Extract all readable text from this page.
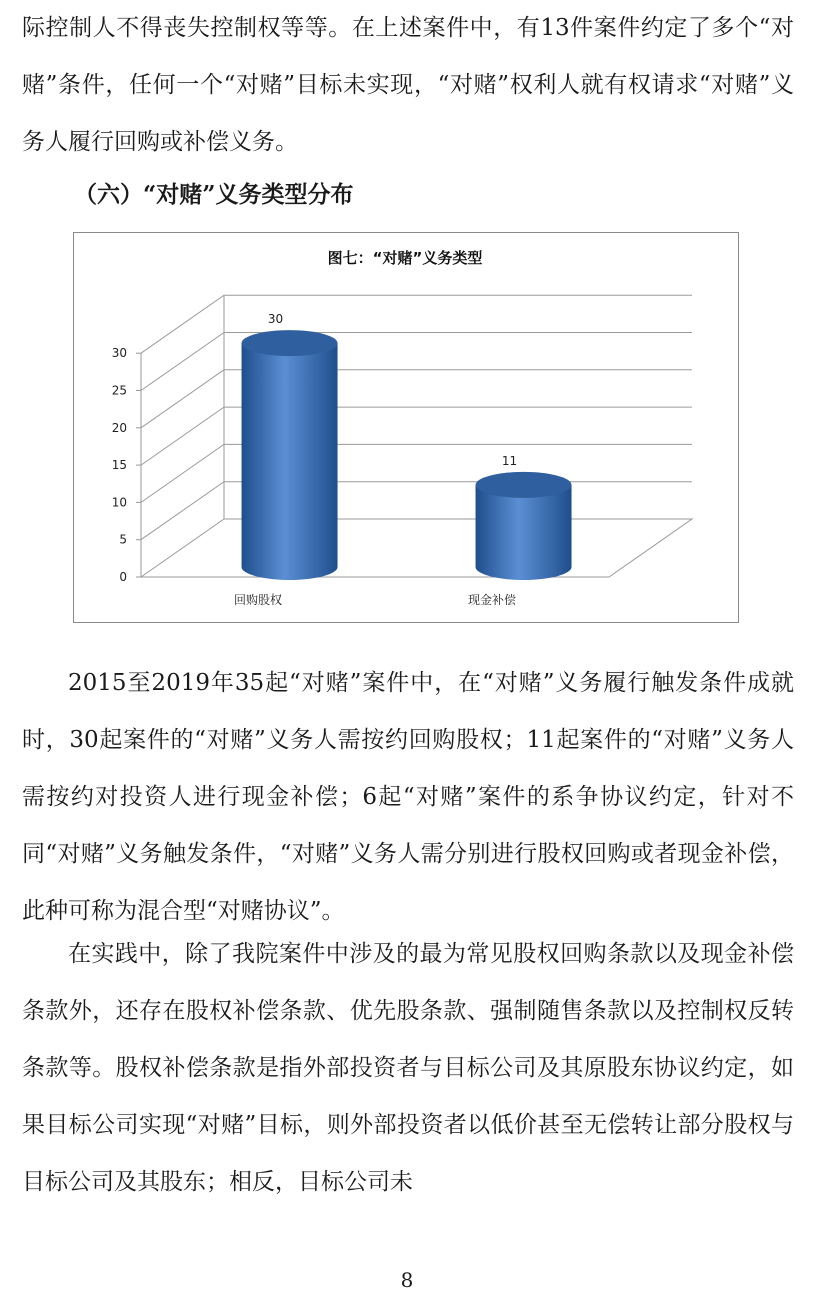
际控制人不得丧失控制权等等。在上述案件中，有13件案件约定了多个“对赌”条件，任何一个“对赌”目标未实现，“对赌”权利人就有权请求“对赌”义务人履行回购或补偿义务。
（六）“对赌”义务类型分布
图七：“对赌”义务类型
0
5
10
15
20
25
30
30
11
回购股权	现金补偿
2015至2019年35起“对赌”案件中，在“对赌”义务履行触发条件成就时，30起案件的“对赌”义务人需按约回购股权；11起案件的“对赌”义务人需按约对投资人进行现金补偿；6起“对赌”案件的系争协议约定，针对不同“对赌”义务触发条件，“对赌”义务人需分别进行股权回购或者现金补偿，此种可称为混合型“对赌协议”。
在实践中，除了我院案件中涉及的最为常见股权回购条款以及现金补偿条款外，还存在股权补偿条款、优先股条款、强制随售条款以及控制权反转条款等。股权补偿条款是指外部投资者与目标公司及其原股东协议约定，如果目标公司实现“对赌”目标，则外部投资者以低价甚至无偿转让部分股权与目标公司及其股东；相反，目标公司未
8
